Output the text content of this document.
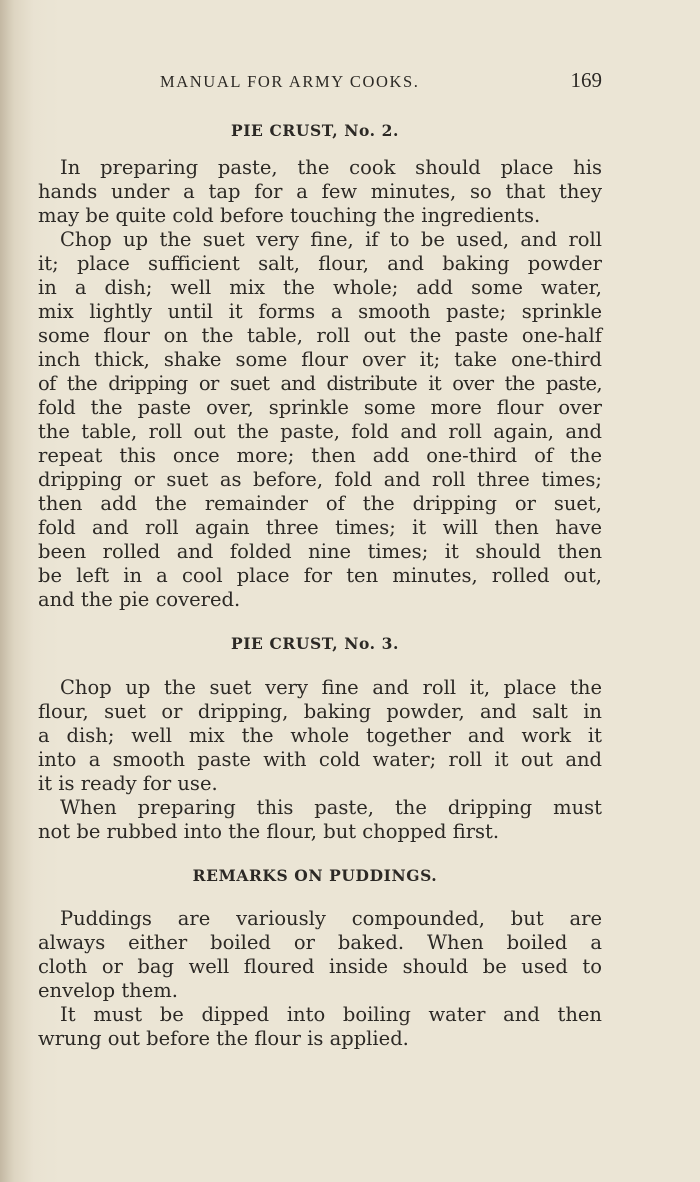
MANUAL FOR ARMY COOKS.	169
PIE CRUST, No. 2.
In preparing paste, the cook should place his
hands under a tap for a few minutes, so that they
may be quite cold before touching the ingredients.
Chop up the suet very fine, if to be used, and roll
it; place sufficient salt, flour, and baking powder
in a dish; well mix the whole; add some water,
mix lightly until it forms a smooth paste; sprinkle
some flour on the table, roll out the paste one-half
inch thick, shake some flour over it; take one-third
of the dripping or suet and distribute it over the paste,
fold the paste over, sprinkle some more flour over
the table, roll out the paste, fold and roll again, and
repeat this once more; then add one-third of the
dripping or suet as before, fold and roll three times;
then add the remainder of the dripping or suet,
fold and roll again three times; it will then have
been rolled and folded nine times; it should then
be left in a cool place for ten minutes, rolled out,
and the pie covered.
PIE CRUST, No. 3.
Chop up the suet very fine and roll it, place the
flour, suet or dripping, baking powder, and salt in
a dish; well mix the whole together and work it
into a smooth paste with cold water; roll it out and
it is ready for use.
When preparing this paste, the dripping must
not be rubbed into the flour, but chopped first.
REMARKS ON PUDDINGS.
Puddings are variously compounded, but are
always either boiled or baked. When boiled a
cloth or bag well floured inside should be used to
envelop them.
It must be dipped into boiling water and then
wrung out before the flour is applied.
